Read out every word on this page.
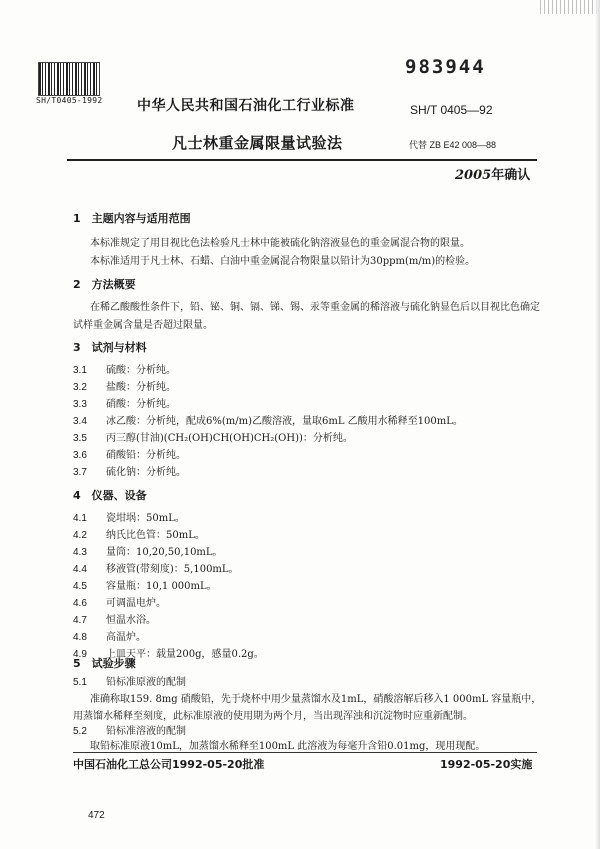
SH/T0405-1992
983944
中华人民共和国石油化工行业标准	SH/T 0405—92
凡士林重金属限量试验法	代替 ZB E42 008—88
2005年确认
1　主题内容与适用范围
本标准规定了用目视比色法检验凡士林中能被硫化钠溶液显色的重金属混合物的限量。
本标准适用于凡士林、石蜡、白油中重金属混合物限量以铅计为30ppm(m/m)的检验。
2　方法概要
在稀乙酸酸性条件下，铅、铋、铜、镉、锑、锡、汞等重金属的稀溶液与硫化钠显色后以目视比色确定
试样重金属含量是否超过限量。
3　试剂与材料
3.1 硫酸：分析纯。
3.2 盐酸：分析纯。
3.3 硝酸：分析纯。
3.4 冰乙酸：分析纯，配成6%(m/m)乙酸溶液，量取6mL 乙酸用水稀释至100mL。
3.5 丙三醇(甘油)(CH₂(OH)CH(OH)CH₂(OH))：分析纯。
3.6 硝酸铅：分析纯。
3.7 硫化钠：分析纯。
4　仪器、设备
4.1 瓷坩埚：50mL。
4.2 纳氏比色管：50mL。
4.3 量筒：10,20,50,10mL。
4.4 移液管(带刻度)：5,100mL。
4.5 容量瓶：10,1 000mL。
4.6 可调温电炉。
4.7 恒温水浴。
4.8 高温炉。
4.9 上皿天平：载量200g，感量0.2g。
5　试验步骤
5.1 铅标准原液的配制
准确称取159. 8mg 硝酸铅，先于烧杯中用少量蒸馏水及1mL，硝酸溶解后移入1 000mL 容量瓶中，
用蒸馏水稀释至刻度，此标准原液的使用期为两个月，当出现浑浊和沉淀物时应重新配制。
5.2 铅标准溶液的配制
取铅标准原液10mL，加蒸馏水稀释至100mL 此溶液为每毫升含铅0.01mg，现用现配。
中国石油化工总公司1992-05-20批准	1992-05-20实施
472
